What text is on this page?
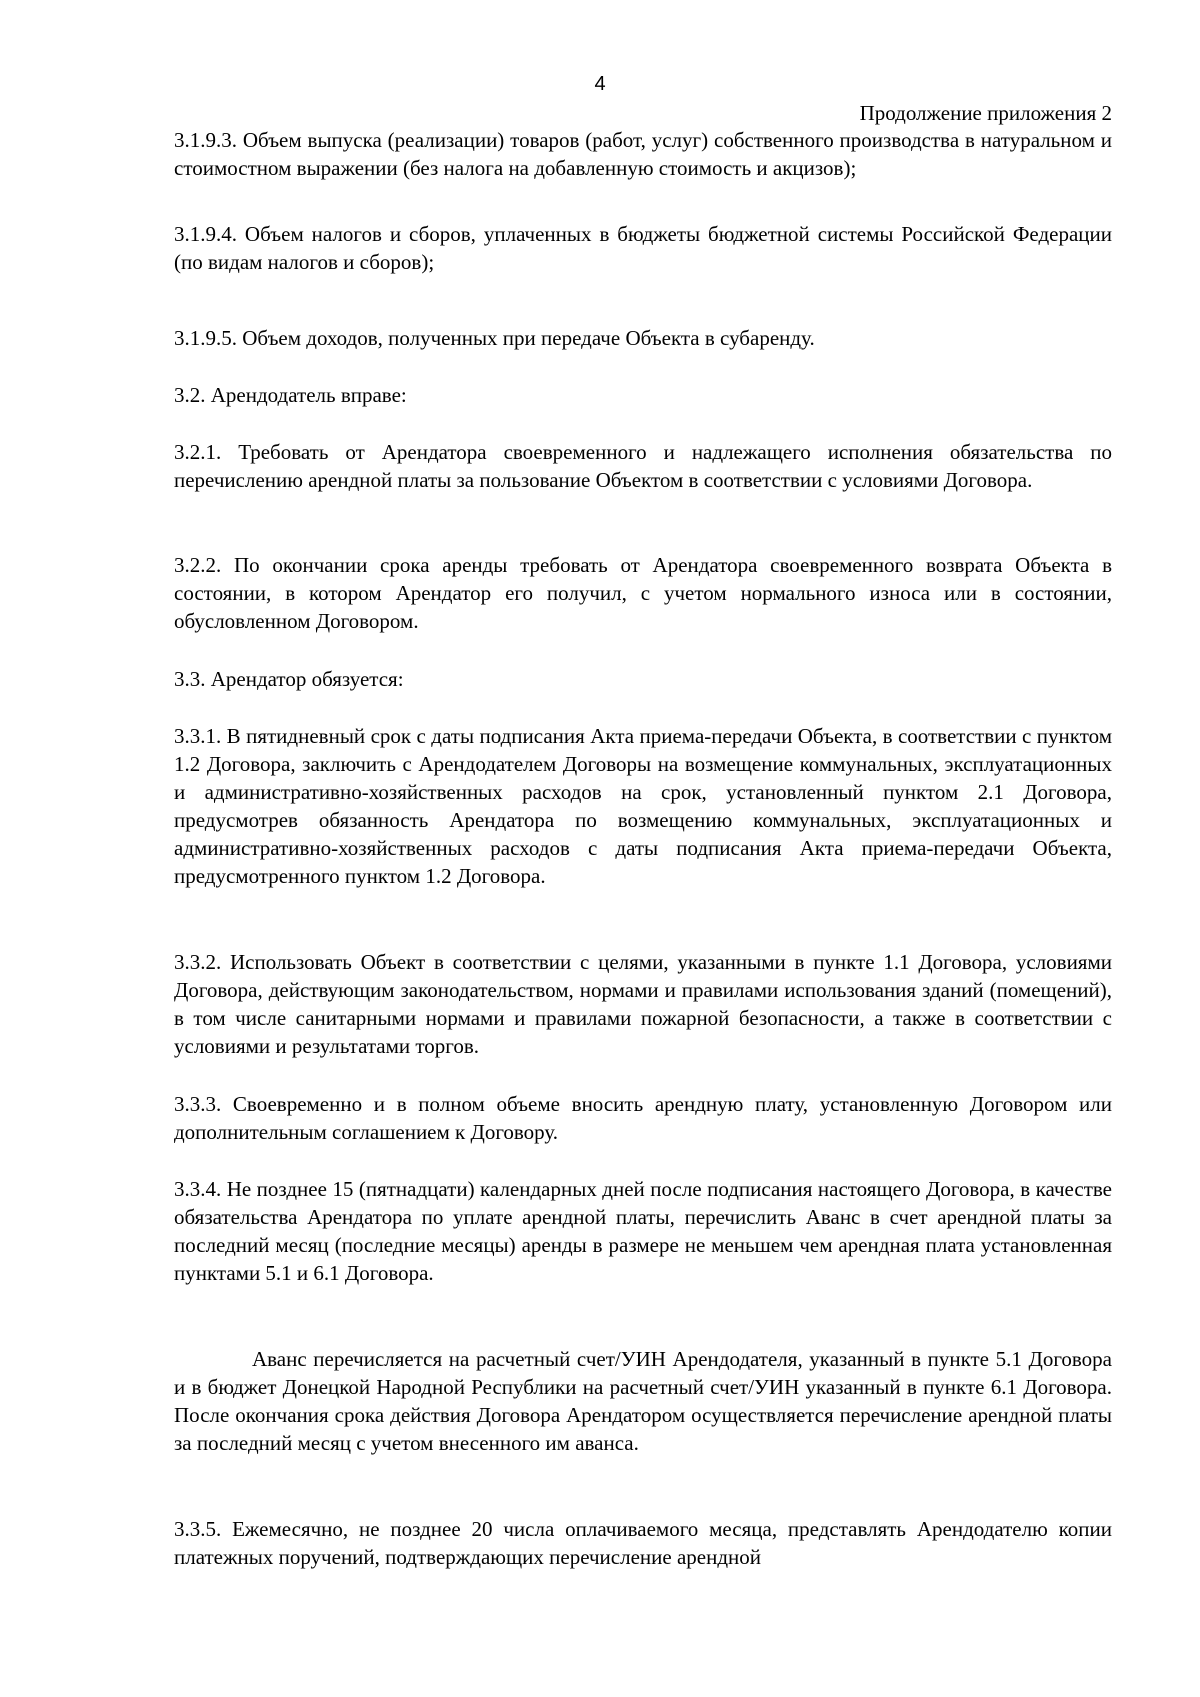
4
Продолжение приложения 2

3.1.9.3. Объем выпуска (реализации) товаров (работ, услуг) собственного производства в натуральном и стоимостном выражении (без налога на добавленную стоимость и акцизов);

3.1.9.4. Объем налогов и сборов, уплаченных в бюджеты бюджетной системы Российской Федерации (по видам налогов и сборов);

3.1.9.5. Объем доходов, полученных при передаче Объекта в субаренду.

3.2. Арендодатель вправе:

3.2.1. Требовать от Арендатора своевременного и надлежащего исполнения обязательства по перечислению арендной платы за пользование Объектом в соответствии с условиями Договора.

3.2.2. По окончании срока аренды требовать от Арендатора своевременного возврата Объекта в состоянии, в котором Арендатор его получил, с учетом нормального износа или в состоянии, обусловленном Договором.

3.3. Арендатор обязуется:

3.3.1. В пятидневный срок с даты подписания Акта приема-передачи Объекта, в соответствии с пунктом 1.2 Договора, заключить с Арендодателем Договоры на возмещение коммунальных, эксплуатационных и административно-хозяйственных расходов на срок, установленный пунктом 2.1 Договора, предусмотрев обязанность Арендатора по возмещению коммунальных, эксплуатационных и административно-хозяйственных расходов с даты подписания Акта приема-передачи Объекта, предусмотренного пунктом 1.2 Договора.

3.3.2. Использовать Объект в соответствии с целями, указанными в пункте 1.1 Договора, условиями Договора, действующим законодательством, нормами и правилами использования зданий (помещений), в том числе санитарными нормами и правилами пожарной безопасности, а также в соответствии с условиями и результатами торгов.

3.3.3. Своевременно и в полном объеме вносить арендную плату, установленную Договором или дополнительным соглашением к Договору.

3.3.4. Не позднее 15 (пятнадцати) календарных дней после подписания настоящего Договора, в качестве обязательства Арендатора по уплате арендной платы, перечислить Аванс в счет арендной платы за последний месяц (последние месяцы) аренды в размере не меньшем чем арендная плата установленная пунктами 5.1 и 6.1 Договора.

Аванс перечисляется на расчетный счет/УИН Арендодателя, указанный в пункте 5.1 Договора и в бюджет Донецкой Народной Республики на расчетный счет/УИН указанный в пункте 6.1 Договора. После окончания срока действия Договора Арендатором осуществляется перечисление арендной платы за последний месяц с учетом внесенного им аванса.

3.3.5. Ежемесячно, не позднее 20 числа оплачиваемого месяца, представлять Арендодателю копии платежных поручений, подтверждающих перечисление арендной
